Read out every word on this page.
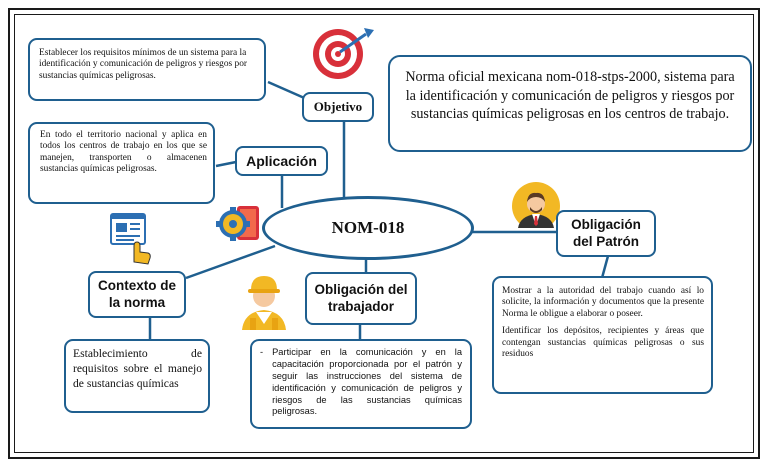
Establecer los requisitos mínimos de un sistema para la identificación y comunicación de peligros y riesgos por sustancias químicas peligrosas.
Objetivo
Norma oficial mexicana nom-018-stps-2000, sistema para la identificación y comunicación de peligros y riesgos por sustancias químicas peligrosas en los centros de trabajo.
En todo el territorio nacional y aplica en todos los centros de trabajo en los que se manejen, transporten o almacenen sustancias químicas peligrosas.
Aplicación
NOM-018	Obligación del Patrón
Contexto de la norma
Obligación del trabajador
Mostrar a la autoridad del trabajo cuando así lo solicite, la información y documentos que la presente Norma le obligue a elaborar o poseer.
Identificar los depósitos, recipientes y áreas que contengan sustancias químicas peligrosas o sus residuos
Establecimiento de requisitos sobre el manejo de sustancias químicas
- Participar en la comunicación y en la capacitación proporcionada por el patrón y seguir las instrucciones del sistema de identificación y comunicación de peligros y riesgos de las sustancias químicas peligrosas.
